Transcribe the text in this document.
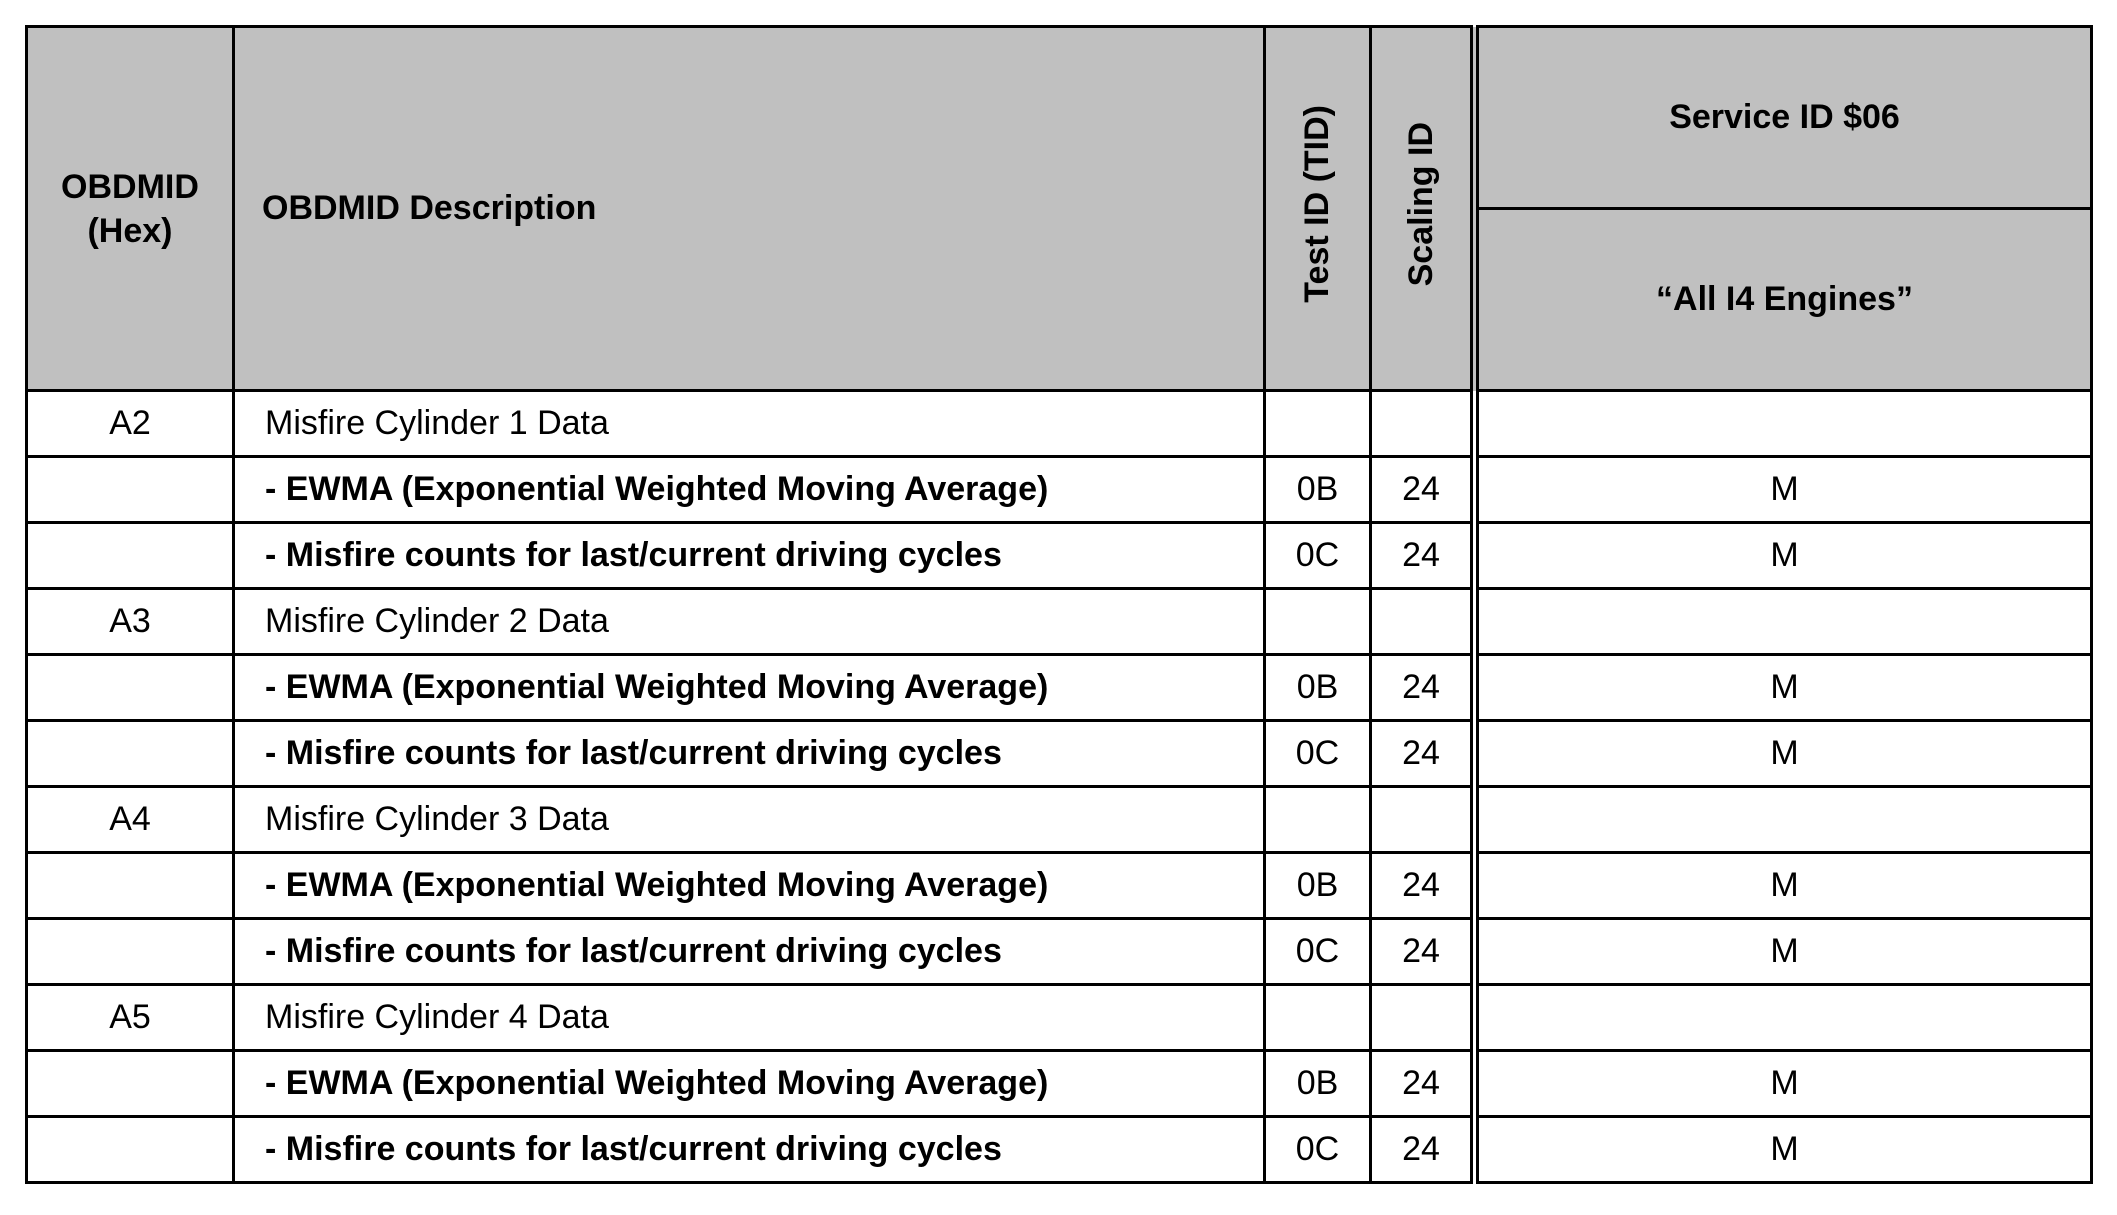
OBDMID
(Hex)	OBDMID Description	Test ID (TID)	Scaling ID	Service ID $06
				“All I4 Engines”
A2	Misfire Cylinder 1 Data			
	- EWMA (Exponential Weighted Moving Average)	0B	24	M
	- Misfire counts for last/current driving cycles	0C	24	M
A3	Misfire Cylinder 2 Data			
	- EWMA (Exponential Weighted Moving Average)	0B	24	M
	- Misfire counts for last/current driving cycles	0C	24	M
A4	Misfire Cylinder 3 Data			
	- EWMA (Exponential Weighted Moving Average)	0B	24	M
	- Misfire counts for last/current driving cycles	0C	24	M
A5	Misfire Cylinder 4 Data			
	- EWMA (Exponential Weighted Moving Average)	0B	24	M
	- Misfire counts for last/current driving cycles	0C	24	M
